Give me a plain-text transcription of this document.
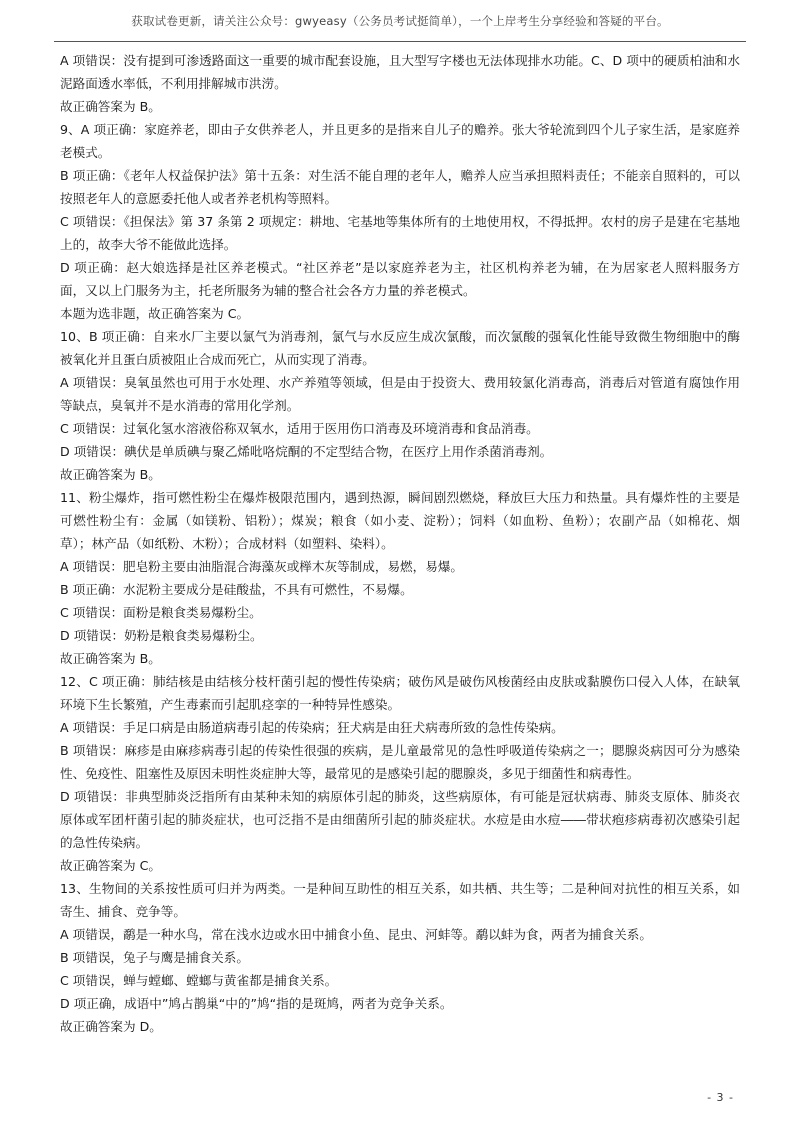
获取试卷更新，请关注公众号：gwyeasy（公务员考试挺简单），一个上岸考生分享经验和答疑的平台。

A 项错误：没有提到可渗透路面这一重要的城市配套设施，且大型写字楼也无法体现排水功能。C、D 项中的硬质柏油和水泥路面透水率低，不利用排解城市洪涝。

故正确答案为 B。

9、A 项正确：家庭养老，即由子女供养老人，并且更多的是指来自儿子的赡养。张大爷轮流到四个儿子家生活，是家庭养老模式。

B 项正确：《老年人权益保护法》第十五条：对生活不能自理的老年人，赡养人应当承担照料责任；不能亲自照料的，可以按照老年人的意愿委托他人或者养老机构等照料。

C 项错误：《担保法》第 37 条第 2 项规定：耕地、宅基地等集体所有的土地使用权，不得抵押。农村的房子是建在宅基地上的，故李大爷不能做此选择。

D 项正确：赵大娘选择是社区养老模式。“社区养老”是以家庭养老为主，社区机构养老为辅，在为居家老人照料服务方面，又以上门服务为主，托老所服务为辅的整合社会各方力量的养老模式。

本题为选非题，故正确答案为 C。

10、B 项正确：自来水厂主要以氯气为消毒剂，氯气与水反应生成次氯酸，而次氯酸的强氧化性能导致微生物细胞中的酶被氧化并且蛋白质被阻止合成而死亡，从而实现了消毒。

A 项错误：臭氧虽然也可用于水处理、水产养殖等领域，但是由于投资大、费用较氯化消毒高，消毒后对管道有腐蚀作用等缺点，臭氧并不是水消毒的常用化学剂。

C 项错误：过氧化氢水溶液俗称双氧水，适用于医用伤口消毒及环境消毒和食品消毒。

D 项错误：碘伏是单质碘与聚乙烯吡咯烷酮的不定型结合物，在医疗上用作杀菌消毒剂。

故正确答案为 B。

11、粉尘爆炸，指可燃性粉尘在爆炸极限范围内，遇到热源，瞬间剧烈燃烧，释放巨大压力和热量。具有爆炸性的主要是可燃性粉尘有：金属（如镁粉、铝粉）；煤炭；粮食（如小麦、淀粉）；饲料（如血粉、鱼粉）；农副产品（如棉花、烟草）；林产品（如纸粉、木粉）；合成材料（如塑料、染料）。

A 项错误：肥皂粉主要由油脂混合海藻灰或榉木灰等制成，易燃，易爆。

B 项正确：水泥粉主要成分是硅酸盐，不具有可燃性，不易爆。

C 项错误：面粉是粮食类易爆粉尘。

D 项错误：奶粉是粮食类易爆粉尘。

故正确答案为 B。

12、C 项正确：肺结核是由结核分枝杆菌引起的慢性传染病；破伤风是破伤风梭菌经由皮肤或黏膜伤口侵入人体，在缺氧环境下生长繁殖，产生毒素而引起肌痉挛的一种特异性感染。

A 项错误：手足口病是由肠道病毒引起的传染病；狂犬病是由狂犬病毒所致的急性传染病。

B 项错误：麻疹是由麻疹病毒引起的传染性很强的疾病，是儿童最常见的急性呼吸道传染病之一；腮腺炎病因可分为感染性、免疫性、阻塞性及原因未明性炎症肿大等，最常见的是感染引起的腮腺炎，多见于细菌性和病毒性。

D 项错误：非典型肺炎泛指所有由某种未知的病原体引起的肺炎，这些病原体，有可能是冠状病毒、肺炎支原体、肺炎衣原体或军团杆菌引起的肺炎症状，也可泛指不是由细菌所引起的肺炎症状。水痘是由水痘――带状疱疹病毒初次感染引起的急性传染病。

故正确答案为 C。

13、生物间的关系按性质可归并为两类。一是种间互助性的相互关系，如共栖、共生等；二是种间对抗性的相互关系，如寄生、捕食、竞争等。

A 项错误，鹬是一种水鸟，常在浅水边或水田中捕食小鱼、昆虫、河蚌等。鹬以蚌为食，两者为捕食关系。

B 项错误，兔子与鹰是捕食关系。

C 项错误，蝉与螳螂、螳螂与黄雀都是捕食关系。

D 项正确，成语中”鸠占鹊巢“中的”鸠“指的是斑鸠，两者为竞争关系。

故正确答案为 D。

- 3 -
